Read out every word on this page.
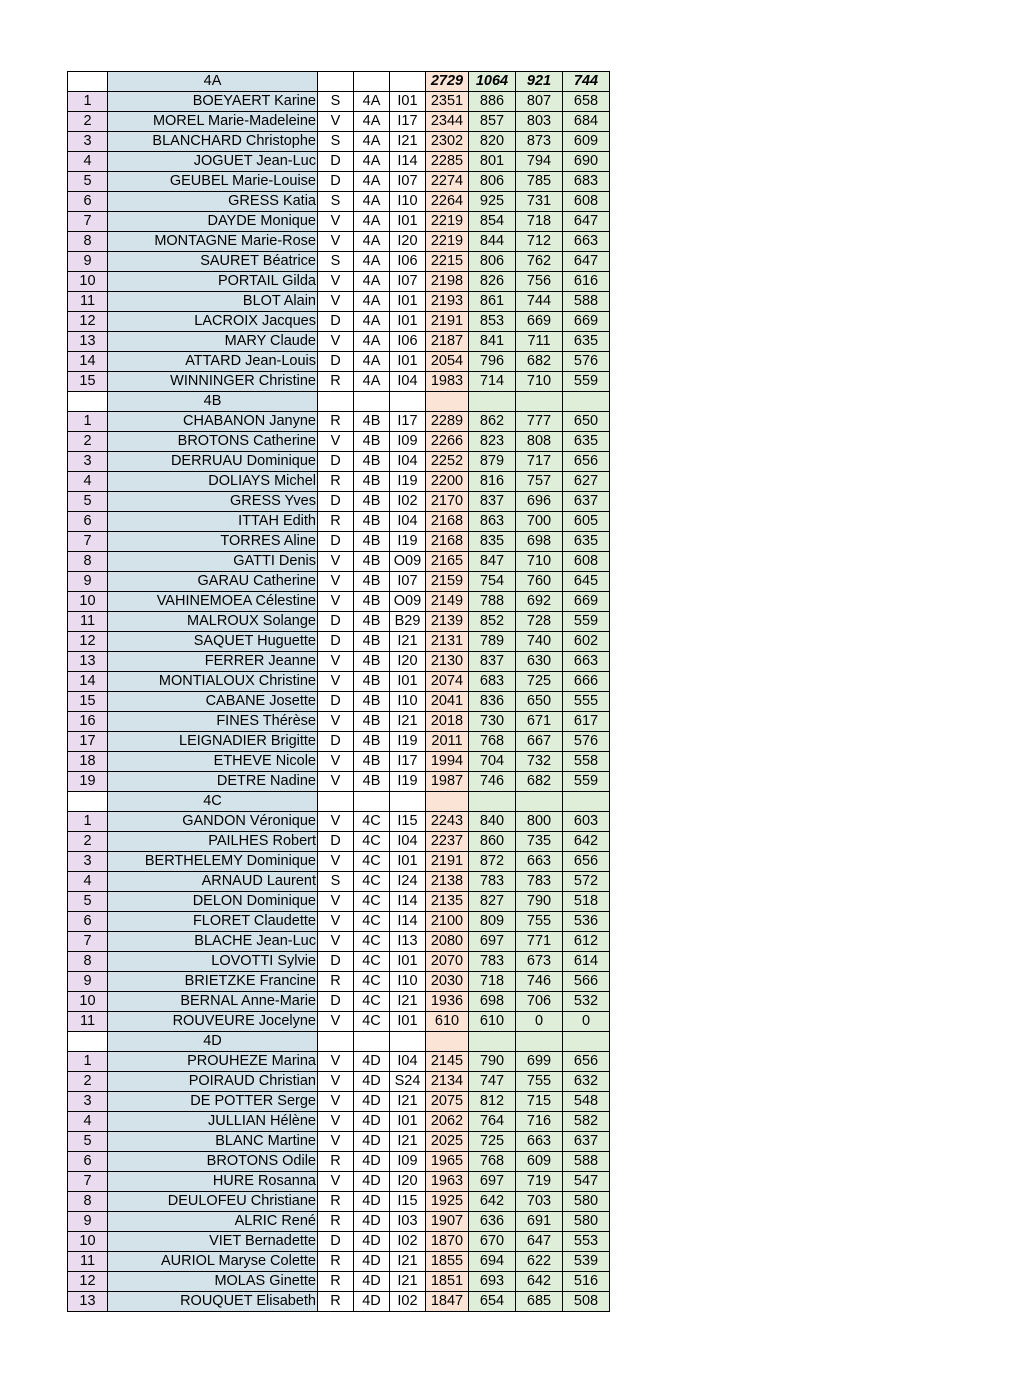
	4A				2729	1064	921	744
1	BOEYAERT Karine	S	4A	I01	2351	886	807	658
2	MOREL Marie-Madeleine	V	4A	I17	2344	857	803	684
3	BLANCHARD Christophe	S	4A	I21	2302	820	873	609
4	JOGUET Jean-Luc	D	4A	I14	2285	801	794	690
5	GEUBEL Marie-Louise	D	4A	I07	2274	806	785	683
6	GRESS Katia	S	4A	I10	2264	925	731	608
7	DAYDE Monique	V	4A	I01	2219	854	718	647
8	MONTAGNE Marie-Rose	V	4A	I20	2219	844	712	663
9	SAURET Béatrice	S	4A	I06	2215	806	762	647
10	PORTAIL Gilda	V	4A	I07	2198	826	756	616
11	BLOT Alain	V	4A	I01	2193	861	744	588
12	LACROIX Jacques	D	4A	I01	2191	853	669	669
13	MARY Claude	V	4A	I06	2187	841	711	635
14	ATTARD Jean-Louis	D	4A	I01	2054	796	682	576
15	WINNINGER Christine	R	4A	I04	1983	714	710	559
	4B							
1	CHABANON Janyne	R	4B	I17	2289	862	777	650
2	BROTONS Catherine	V	4B	I09	2266	823	808	635
3	DERRUAU Dominique	D	4B	I04	2252	879	717	656
4	DOLIAYS Michel	R	4B	I19	2200	816	757	627
5	GRESS Yves	D	4B	I02	2170	837	696	637
6	ITTAH Edith	R	4B	I04	2168	863	700	605
7	TORRES Aline	D	4B	I19	2168	835	698	635
8	GATTI Denis	V	4B	O09	2165	847	710	608
9	GARAU Catherine	V	4B	I07	2159	754	760	645
10	VAHINEMOEA Célestine	V	4B	O09	2149	788	692	669
11	MALROUX Solange	D	4B	B29	2139	852	728	559
12	SAQUET Huguette	D	4B	I21	2131	789	740	602
13	FERRER Jeanne	V	4B	I20	2130	837	630	663
14	MONTIALOUX Christine	V	4B	I01	2074	683	725	666
15	CABANE Josette	D	4B	I10	2041	836	650	555
16	FINES Thérèse	V	4B	I21	2018	730	671	617
17	LEIGNADIER Brigitte	D	4B	I19	2011	768	667	576
18	ETHEVE Nicole	V	4B	I17	1994	704	732	558
19	DETRE Nadine	V	4B	I19	1987	746	682	559
	4C							
1	GANDON Véronique	V	4C	I15	2243	840	800	603
2	PAILHES Robert	D	4C	I04	2237	860	735	642
3	BERTHELEMY Dominique	V	4C	I01	2191	872	663	656
4	ARNAUD Laurent	S	4C	I24	2138	783	783	572
5	DELON Dominique	V	4C	I14	2135	827	790	518
6	FLORET Claudette	V	4C	I14	2100	809	755	536
7	BLACHE Jean-Luc	V	4C	I13	2080	697	771	612
8	LOVOTTI Sylvie	D	4C	I01	2070	783	673	614
9	BRIETZKE Francine	R	4C	I10	2030	718	746	566
10	BERNAL Anne-Marie	D	4C	I21	1936	698	706	532
11	ROUVEURE Jocelyne	V	4C	I01	610	610	0	0
	4D							
1	PROUHEZE Marina	V	4D	I04	2145	790	699	656
2	POIRAUD Christian	V	4D	S24	2134	747	755	632
3	DE POTTER Serge	V	4D	I21	2075	812	715	548
4	JULLIAN Hélène	V	4D	I01	2062	764	716	582
5	BLANC Martine	V	4D	I21	2025	725	663	637
6	BROTONS Odile	R	4D	I09	1965	768	609	588
7	HURE Rosanna	V	4D	I20	1963	697	719	547
8	DEULOFEU Christiane	R	4D	I15	1925	642	703	580
9	ALRIC René	R	4D	I03	1907	636	691	580
10	VIET Bernadette	D	4D	I02	1870	670	647	553
11	AURIOL Maryse Colette	R	4D	I21	1855	694	622	539
12	MOLAS Ginette	R	4D	I21	1851	693	642	516
13	ROUQUET Elisabeth	R	4D	I02	1847	654	685	508
